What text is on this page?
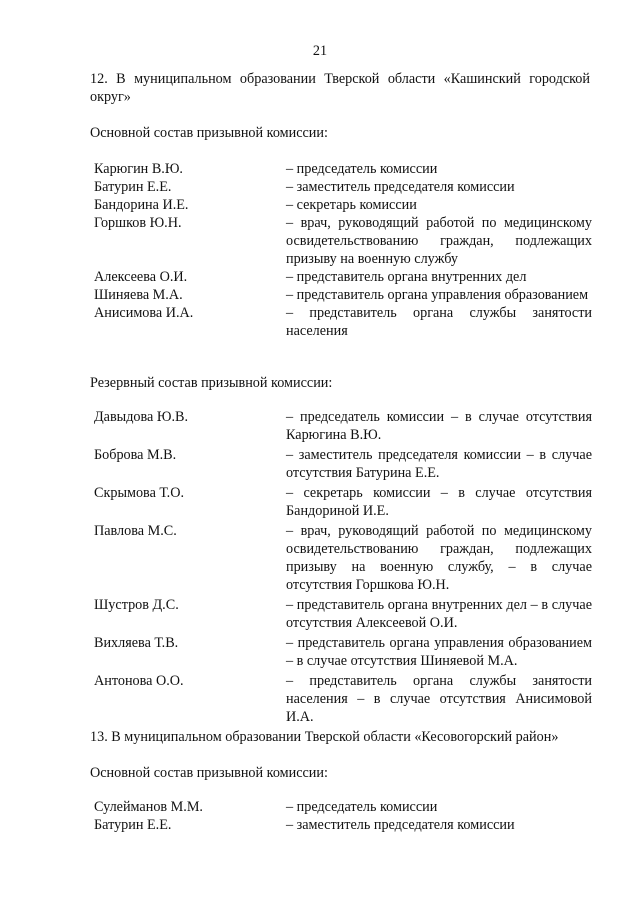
21
12. В муниципальном образовании Тверской области «Кашинский городской округ»
Основной состав призывной комиссии:
Карюгин В.Ю.	– председатель комиссии
Батурин Е.Е.	– заместитель председателя комиссии
Бандорина И.Е.	– секретарь комиссии
Горшков Ю.Н.	– врач, руководящий работой по медицинскому освидетельствованию граждан, подлежащих призыву на военную службу
Алексеева О.И.	– представитель органа внутренних дел
Шиняева М.А.	– представитель органа управления образованием
Анисимова И.А.	– представитель органа службы занятости населения
Резервный состав призывной комиссии:
Давыдова Ю.В.	– председатель комиссии – в случае отсутствия Карюгина В.Ю.
Боброва М.В.	– заместитель председателя комиссии – в случае отсутствия Батурина Е.Е.
Скрымова Т.О.	– секретарь комиссии – в случае отсутствия Бандориной И.Е.
Павлова М.С.	– врач, руководящий работой по медицинскому освидетельствованию граждан, подлежащих призыву на военную службу, – в случае отсутствия Горшкова Ю.Н.
Шустров Д.С.	– представитель органа внутренних дел – в случае отсутствия Алексеевой О.И.
Вихляева Т.В.	– представитель органа управления образованием – в случае отсутствия Шиняевой М.А.
Антонова О.О.	– представитель органа службы занятости населения – в случае отсутствия Анисимовой И.А.
13. В муниципальном образовании Тверской области «Кесовогорский район»
Основной состав призывной комиссии:
Сулейманов М.М.	– председатель комиссии
Батурин Е.Е.	– заместитель председателя комиссии
